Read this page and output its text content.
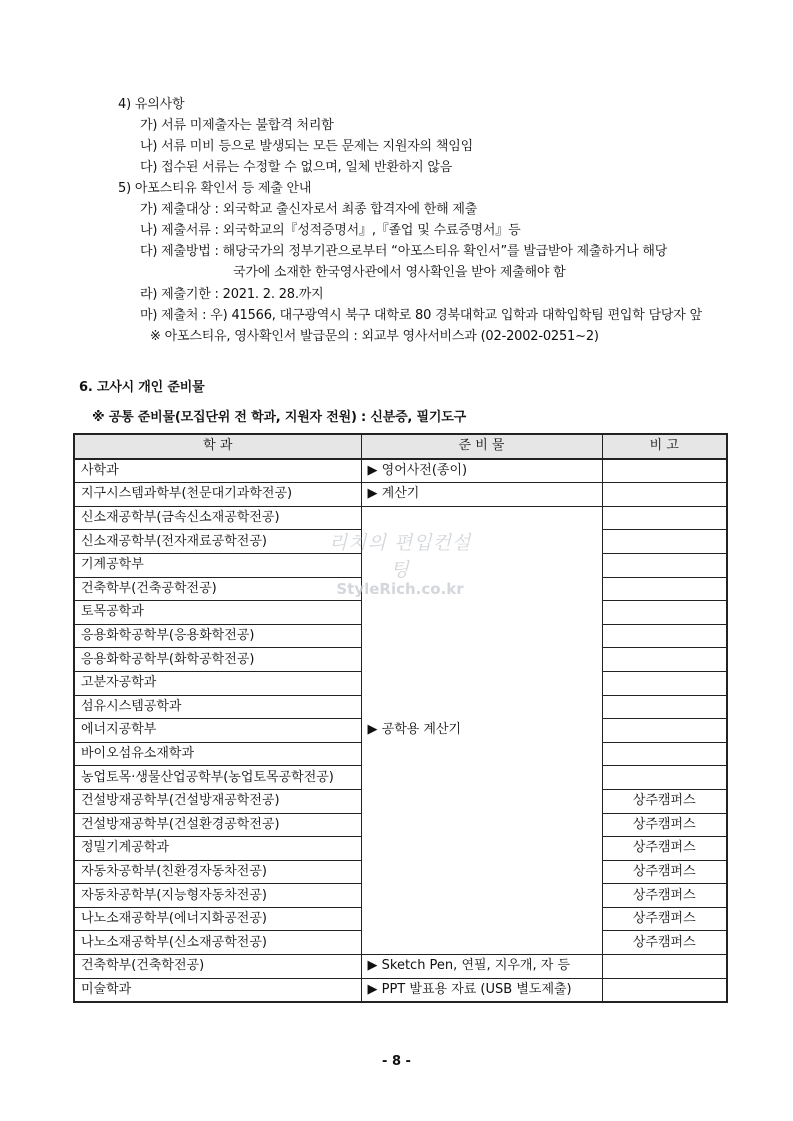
4) 유의사항
가) 서류 미제출자는 불합격 처리함
나) 서류 미비 등으로 발생되는 모든 문제는 지원자의 책임임
다) 접수된 서류는 수정할 수 없으며, 일체 반환하지 않음
5) 아포스티유 확인서 등 제출 안내
가) 제출대상 : 외국학교 출신자로서 최종 합격자에 한해 제출
나) 제출서류 : 외국학교의『성적증명서』,『졸업 및 수료증명서』등
다) 제출방법 : 해당국가의 정부기관으로부터 “아포스티유 확인서”를 발급받아 제출하거나 해당
국가에 소재한 한국영사관에서 영사확인을 받아 제출해야 함
라) 제출기한 : 2021. 2. 28.까지
마) 제출처 : 우) 41566, 대구광역시 북구 대학로 80 경북대학교 입학과 대학입학팀 편입학 담당자 앞
※ 아포스티유, 영사확인서 발급문의 : 외교부 영사서비스과 (02-2002-0251~2)
6. 고사시 개인 준비물
※ 공통 준비물(모집단위 전 학과, 지원자 전원) : 신분증, 필기도구
학 과	준 비 물	비 고
사학과	▶ 영어사전(종이)	
지구시스템과학부(천문대기과학전공)	▶ 계산기	
신소재공학부(금속신소재공학전공)	▶ 공학용 계산기	
신소재공학부(전자재료공학전공)		
기계공학부		
건축학부(건축공학전공)		
토목공학과		
응용화학공학부(응용화학전공)		
응용화학공학부(화학공학전공)		
고분자공학과		
섬유시스템공학과		
에너지공학부		
바이오섬유소재학과		
농업토목·생물산업공학부(농업토목공학전공)		
건설방재공학부(건설방재공학전공)		상주캠퍼스
건설방재공학부(건설환경공학전공)		상주캠퍼스
정밀기계공학과		상주캠퍼스
자동차공학부(친환경자동차전공)		상주캠퍼스
자동차공학부(지능형자동차전공)		상주캠퍼스
나노소재공학부(에너지화공전공)		상주캠퍼스
나노소재공학부(신소재공학전공)		상주캠퍼스
건축학부(건축학전공)	▶ Sketch Pen, 연필, 지우개, 자 등	
미술학과	▶ PPT 발표용 자료 (USB 별도제출)	
리치의 편입컨설팅
StyleRich.co.kr
- 8 -
